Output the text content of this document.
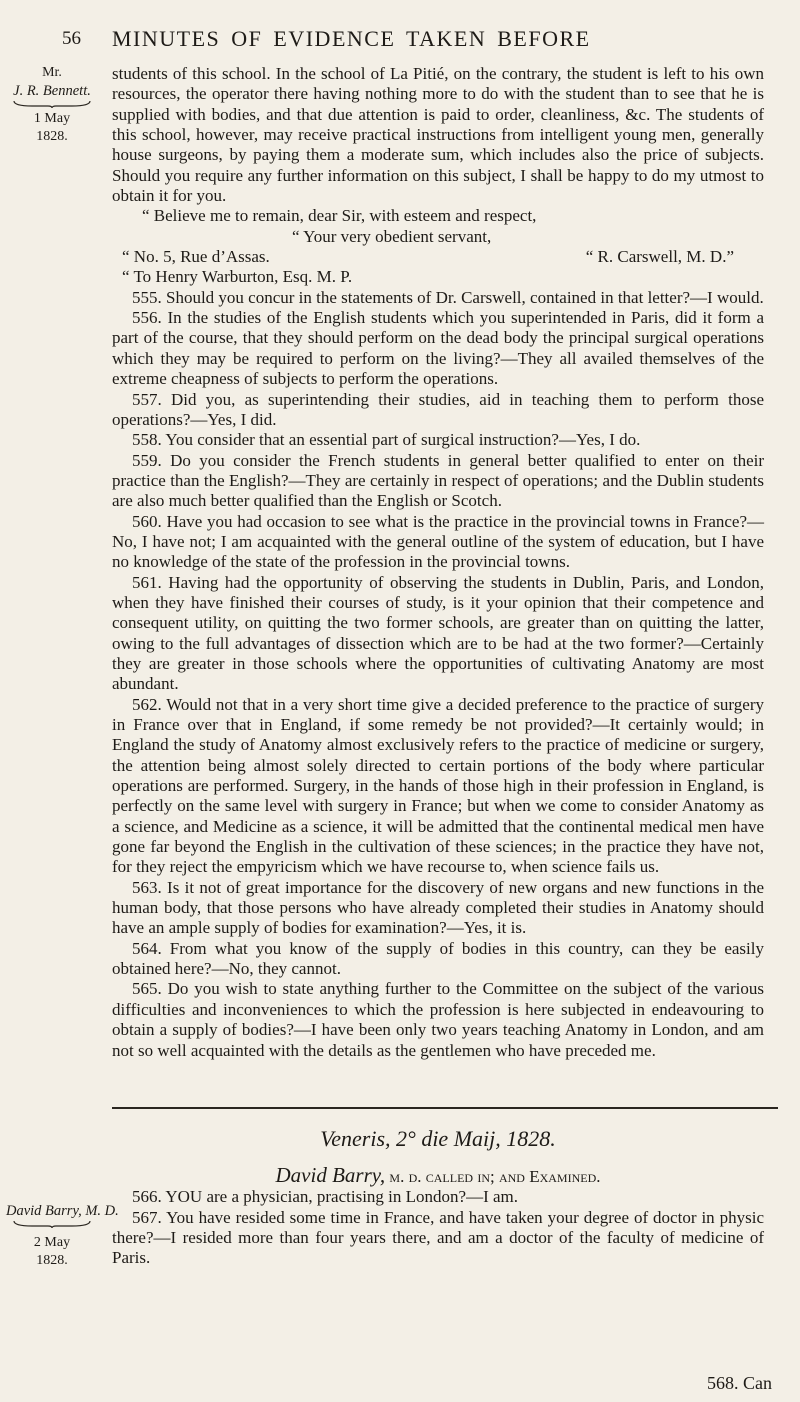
56 MINUTES OF EVIDENCE TAKEN BEFORE
Mr.
J. R. Bennett.
1 May
1828.
David Barry, M. D.
2 May
1828.

students of this school. In the school of La Pitié, on the contrary, the student is left to his own resources, the operator there having nothing more to do with the student than to see that he is supplied with bodies, and that due attention is paid to order, cleanliness, &c. The students of this school, however, may receive practical instructions from intelligent young men, generally house surgeons, by paying them a moderate sum, which includes also the price of subjects. Should you require any further information on this subject, I shall be happy to do my utmost to obtain it for you.

“ Believe me to remain, dear Sir, with esteem and respect,
“ Your very obedient servant,
“ No. 5, Rue d’Assas.	“ R. Carswell, M. D.”
“ To Henry Warburton, Esq. M. P.

555. Should you concur in the statements of Dr. Carswell, contained in that letter?—I would.

556. In the studies of the English students which you superintended in Paris, did it form a part of the course, that they should perform on the dead body the principal surgical operations which they may be required to perform on the living?—They all availed themselves of the extreme cheapness of subjects to perform the operations.

557. Did you, as superintending their studies, aid in teaching them to perform those operations?—Yes, I did.

558. You consider that an essential part of surgical instruction?—Yes, I do.

559. Do you consider the French students in general better qualified to enter on their practice than the English?—They are certainly in respect of operations; and the Dublin students are also much better qualified than the English or Scotch.

560. Have you had occasion to see what is the practice in the provincial towns in France?—No, I have not; I am acquainted with the general outline of the system of education, but I have no knowledge of the state of the profession in the provincial towns.

561. Having had the opportunity of observing the students in Dublin, Paris, and London, when they have finished their courses of study, is it your opinion that their competence and consequent utility, on quitting the two former schools, are greater than on quitting the latter, owing to the full advantages of dissection which are to be had at the two former?—Certainly they are greater in those schools where the opportunities of cultivating Anatomy are most abundant.

562. Would not that in a very short time give a decided preference to the practice of surgery in France over that in England, if some remedy be not provided?—It certainly would; in England the study of Anatomy almost exclusively refers to the practice of medicine or surgery, the attention being almost solely directed to certain portions of the body where particular operations are performed. Surgery, in the hands of those high in their profession in England, is perfectly on the same level with surgery in France; but when we come to consider Anatomy as a science, and Medicine as a science, it will be admitted that the continental medical men have gone far beyond the English in the cultivation of these sciences; in the practice they have not, for they reject the empyricism which we have recourse to, when science fails us.

563. Is it not of great importance for the discovery of new organs and new functions in the human body, that those persons who have already completed their studies in Anatomy should have an ample supply of bodies for examination?—Yes, it is.

564. From what you know of the supply of bodies in this country, can they be easily obtained here?—No, they cannot.

565. Do you wish to state anything further to the Committee on the subject of the various difficulties and inconveniences to which the profession is here subjected in endeavouring to obtain a supply of bodies?—I have been only two years teaching Anatomy in London, and am not so well acquainted with the details as the gentlemen who have preceded me.

Veneris, 2° die Maij, 1828.

David Barry, m. d. called in; and Examined.

566. YOU are a physician, practising in London?—I am.

567. You have resided some time in France, and have taken your degree of doctor in physic there?—I resided more than four years there, and am a doctor of the faculty of medicine of Paris.

568. Can
